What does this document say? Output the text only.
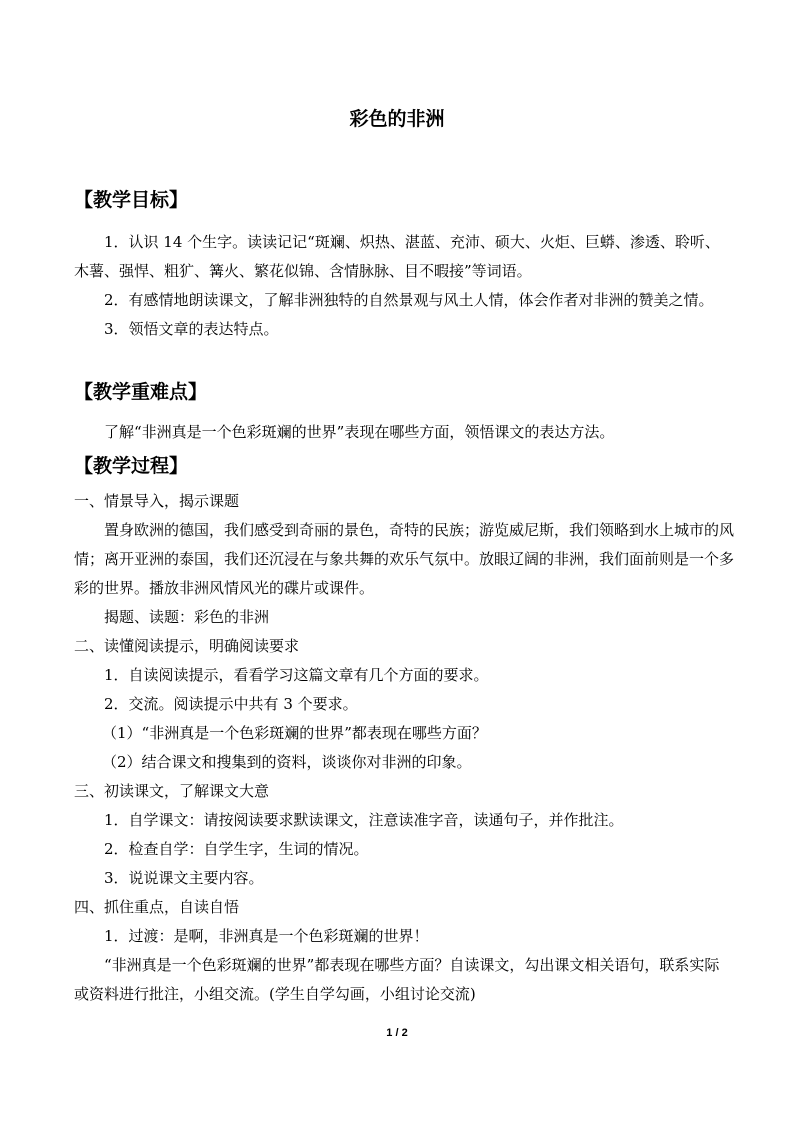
彩色的非洲
【教学目标】

1．认识 14 个生字。读读记记“斑斓、炽热、湛蓝、充沛、硕大、火炬、巨蟒、渗透、聆听、木薯、强悍、粗犷、篝火、繁花似锦、含情脉脉、目不暇接”等词语。

2．有感情地朗读课文，了解非洲独特的自然景观与风土人情，体会作者对非洲的赞美之情。

3．领悟文章的表达特点。

【教学重难点】

了解“非洲真是一个色彩斑斓的世界”表现在哪些方面，领悟课文的表达方法。

【教学过程】

一、情景导入，揭示课题

置身欧洲的德国，我们感受到奇丽的景色，奇特的民族；游览威尼斯，我们领略到水上城市的风情；离开亚洲的泰国，我们还沉浸在与象共舞的欢乐气氛中。放眼辽阔的非洲，我们面前则是一个多彩的世界。播放非洲风情风光的碟片或课件。

揭题、读题：彩色的非洲

二、读懂阅读提示，明确阅读要求

1．自读阅读提示，看看学习这篇文章有几个方面的要求。

2．交流。阅读提示中共有 3 个要求。

（1）“非洲真是一个色彩斑斓的世界”都表现在哪些方面？

（2）结合课文和搜集到的资料，谈谈你对非洲的印象。

三、初读课文，了解课文大意

1．自学课文：请按阅读要求默读课文，注意读准字音，读通句子，并作批注。

2．检查自学：自学生字，生词的情况。

3．说说课文主要内容。

四、抓住重点，自读自悟

1．过渡：是啊，非洲真是一个色彩斑斓的世界！

“非洲真是一个色彩斑斓的世界”都表现在哪些方面？自读课文，勾出课文相关语句，联系实际或资料进行批注，小组交流。(学生自学勾画，小组讨论交流)

1 / 2
